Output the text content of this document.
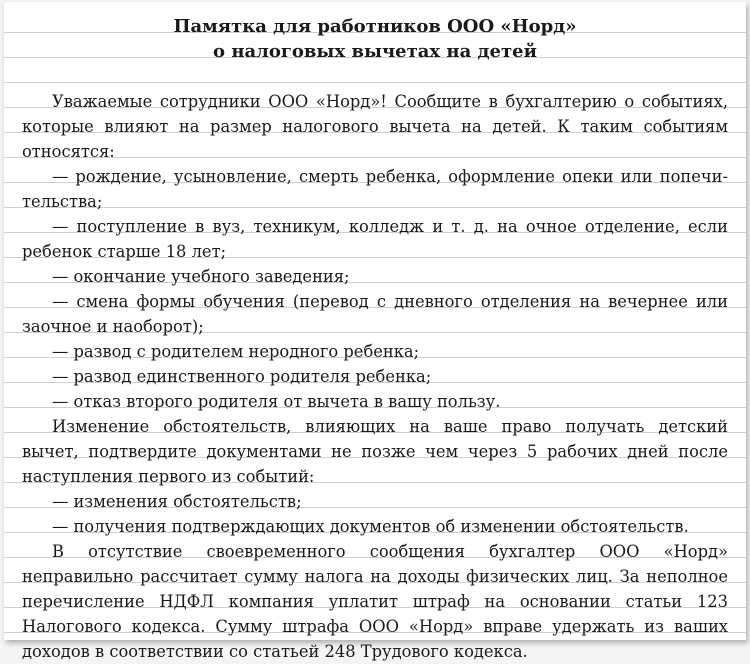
Памятка для работников ООО «Норд»
о налоговых вычетах на детей

Уважаемые сотрудники ООО «Норд»! Сообщите в бухгалтерию о событиях, которые влияют на размер налогового вычета на детей. К таким событиям относятся:

— рождение, усыновление, смерть ребенка, оформление опеки или попечительства;

— поступление в вуз, техникум, колледж и т. д. на очное отделение, если ребенок старше 18 лет;

— окончание учебного заведения;

— смена формы обучения (перевод с дневного отделения на вечернее или заочное и наоборот);

— развод с родителем неродного ребенка;

— развод единственного родителя ребенка;

— отказ второго родителя от вычета в вашу пользу.

Изменение обстоятельств, влияющих на ваше право получать детский вычет, подтвердите документами не позже чем через 5 рабочих дней после наступления первого из событий:

— изменения обстоятельств;

— получения подтверждающих документов об изменении обстоятельств.

В отсутствие своевременного сообщения бухгалтер ООО «Норд» неправильно рассчитает сумму налога на доходы физических лиц. За неполное перечисление НДФЛ компания уплатит штраф на основании статьи 123 Налогового кодекса. Сумму штрафа ООО «Норд» вправе удержать из ваших доходов в соответствии со статьей 248 Трудового кодекса.
